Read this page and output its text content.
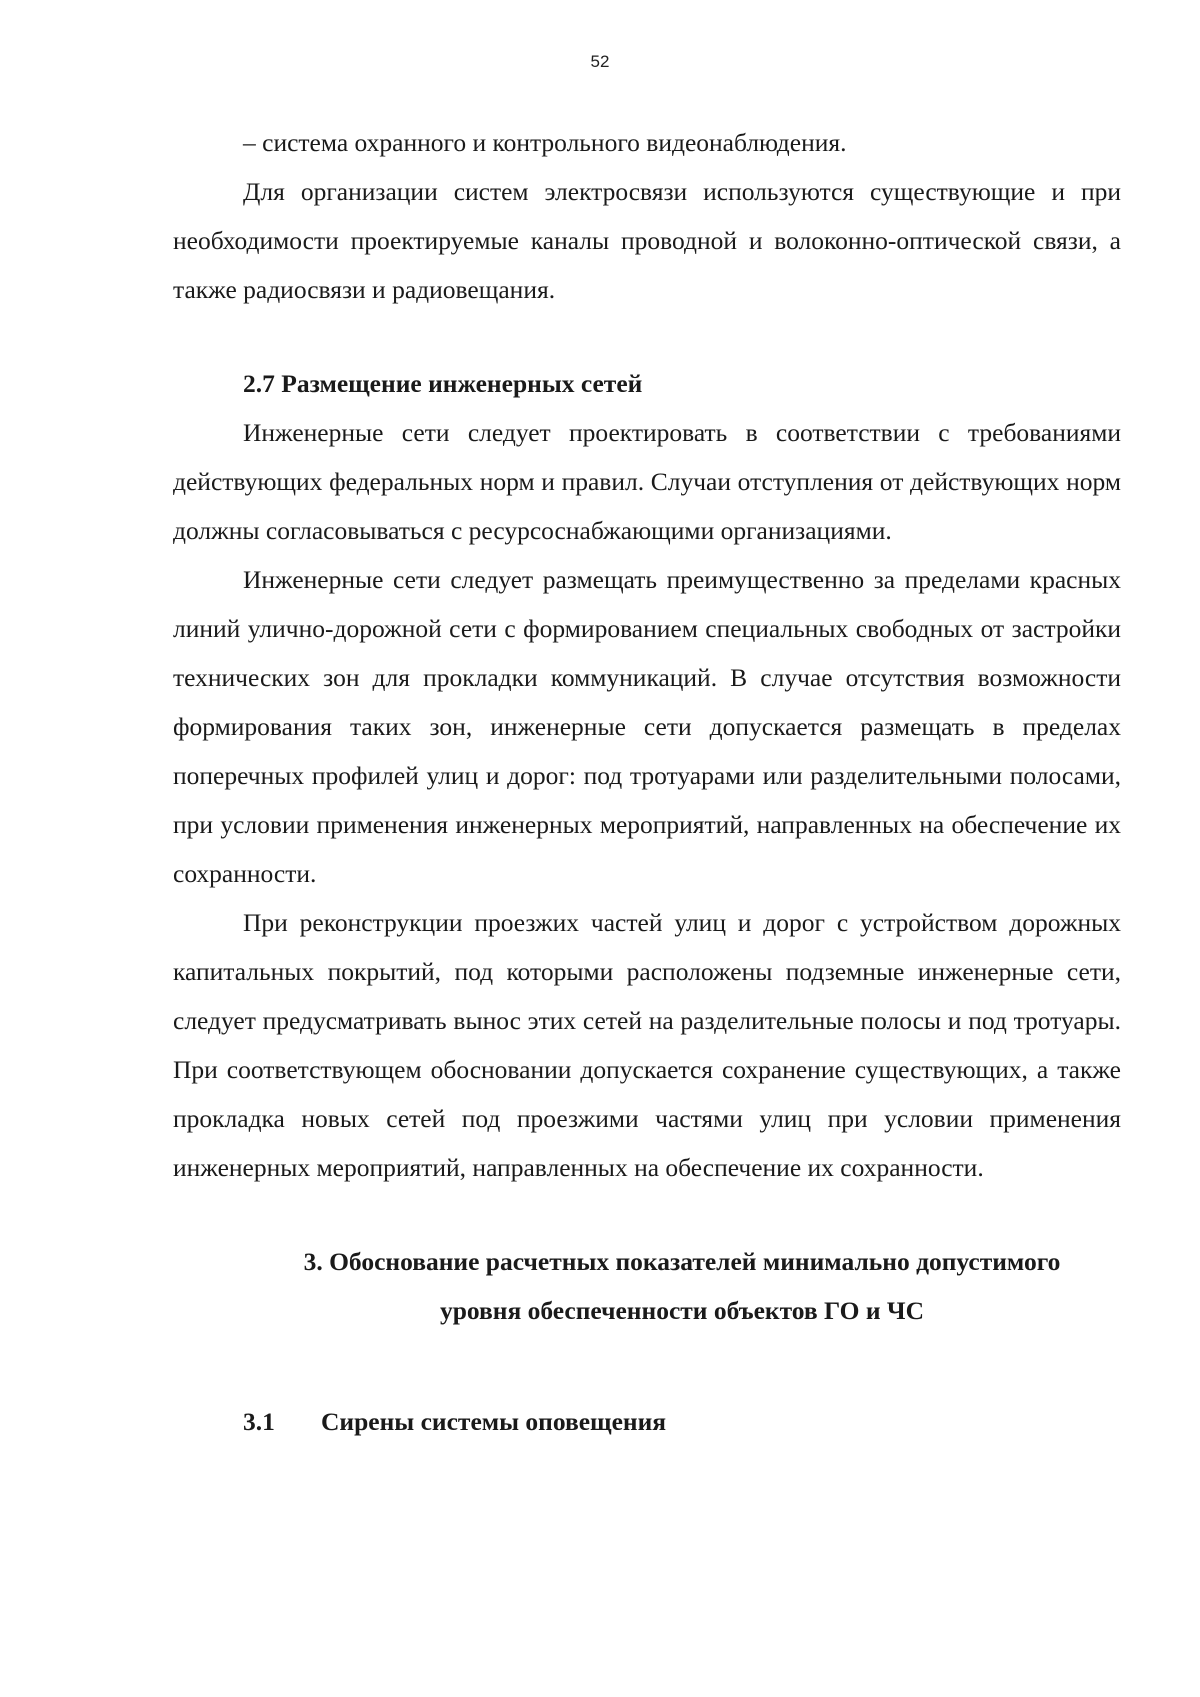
52

– система охранного и контрольного видеонаблюдения.

Для организации систем электросвязи используются существующие и при необходимости проектируемые каналы проводной и волоконно-оптической связи, а также радиосвязи и радиовещания.

2.7 Размещение инженерных сетей

Инженерные сети следует проектировать в соответствии с требованиями действующих федеральных норм и правил. Случаи отступления от действующих норм должны согласовываться с ресурсоснабжающими организациями.

Инженерные сети следует размещать преимущественно за пределами красных линий улично-дорожной сети с формированием специальных свободных от застройки технических зон для прокладки коммуникаций. В случае отсутствия возможности формирования таких зон, инженерные сети допускается размещать в пределах поперечных профилей улиц и дорог: под тротуарами или разделительными полосами, при условии применения инженерных мероприятий, направленных на обеспечение их сохранности.

При реконструкции проезжих частей улиц и дорог с устройством дорожных капитальных покрытий, под которыми расположены подземные инженерные сети, следует предусматривать вынос этих сетей на разделительные полосы и под тротуары. При соответствующем обосновании допускается сохранение существующих, а также прокладка новых сетей под проезжими частями улиц при условии применения инженерных мероприятий, направленных на обеспечение их сохранности.

3. Обоснование расчетных показателей минимально допустимого
уровня обеспеченности объектов ГО и ЧС
3.1 Сирены системы оповещения
